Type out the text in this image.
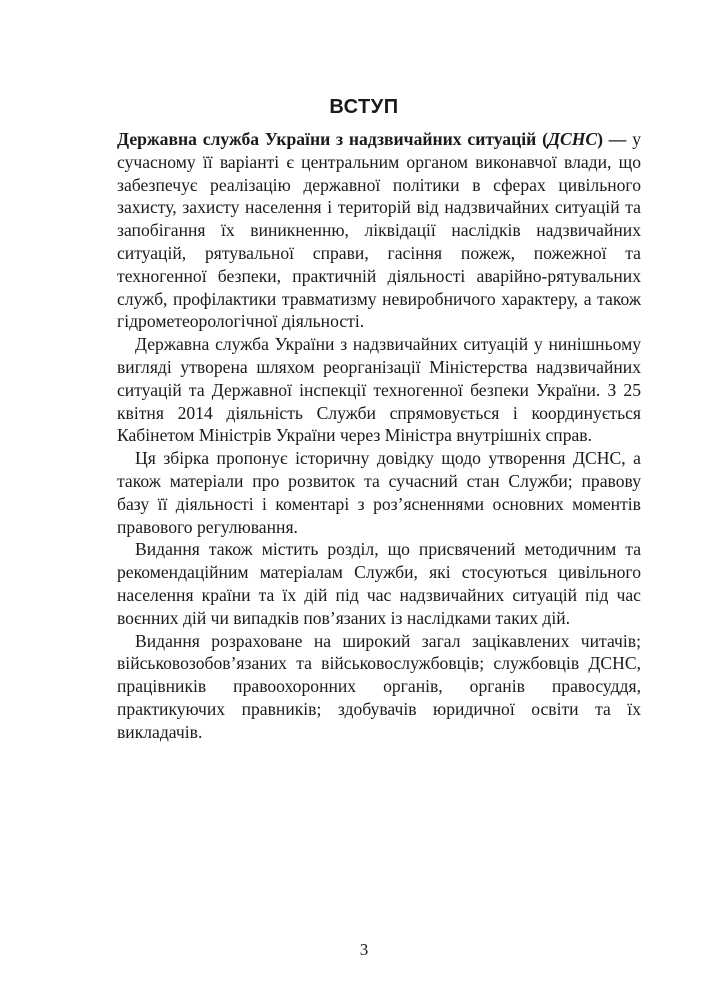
ВСТУП

Державна служба України з надзвичайних ситуацій (ДСНС) — у сучасному її варіанті є центральним органом виконавчої влади, що забезпечує реалізацію державної політики в сферах цивільного захисту, захисту населення і територій від надзвичайних ситуацій та запобігання їх виникненню, ліквідації наслідків надзвичайних ситуацій, рятувальної справи, гасіння пожеж, пожежної та техногенної безпеки, практичній діяльності аварійно-рятувальних служб, профілактики травматизму невиробничого характеру, а також гідрометеорологічної діяльності.

Державна служба України з надзвичайних ситуацій у нинішньому вигляді утворена шляхом реорганізації Міністерства надзвичайних ситуацій та Державної інспекції техногенної безпеки України. З 25 квітня 2014 діяльність Служби спрямовується і координується Кабінетом Міністрів України через Міністра внутрішніх справ.

Ця збірка пропонує історичну довідку щодо утворення ДСНС, а також матеріали про розвиток та сучасний стан Служби; правову базу її діяльності і коментарі з роз’ясненнями основних моментів правового регулювання.

Видання також містить розділ, що присвячений методичним та рекомендаційним матеріалам Служби, які стосуються цивільного населення країни та їх дій під час надзвичайних ситуацій під час воєнних дій чи випадків пов’язаних із наслідками таких дій.

Видання розраховане на широкий загал зацікавлених читачів; військовозобов’язаних та військовослужбовців; службовців ДСНС, працівників правоохоронних органів, органів правосуддя, практикуючих правників; здобувачів юридичної освіти та їх викладачів.

3
